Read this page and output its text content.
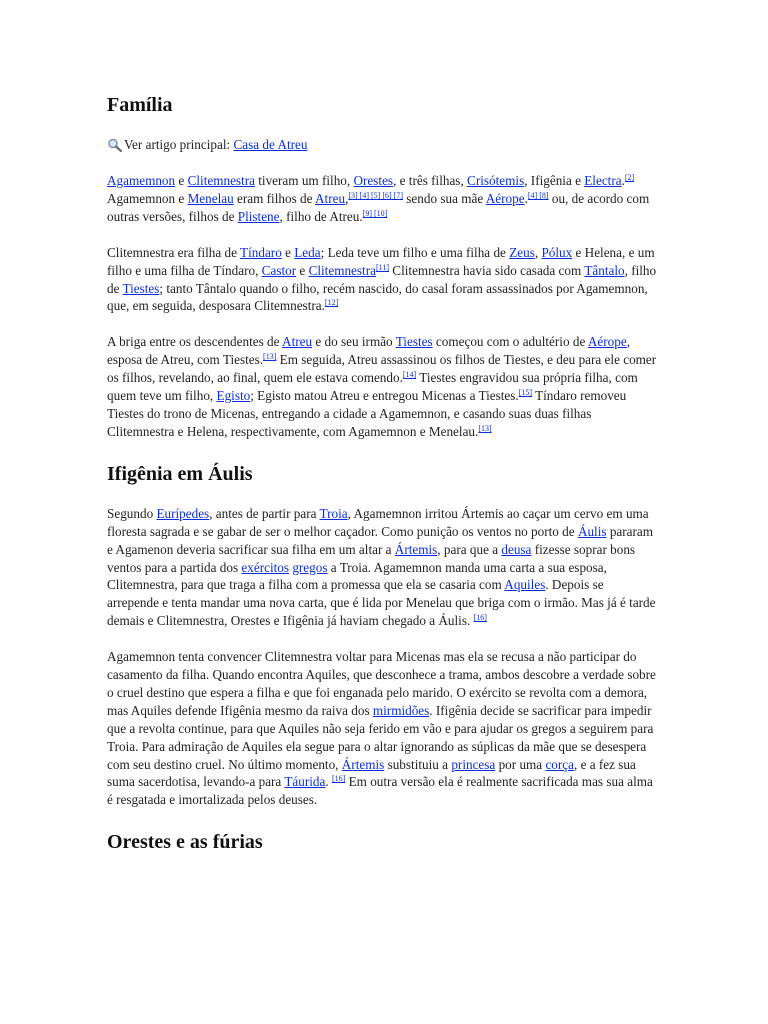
Família
Ver artigo principal:
Casa de Atreu

Agamemnon e Clitemnestra tiveram um filho, Orestes, e três filhas, Crisótemis, Ifigênia e Electra.[2] Agamemnon e Menelau eram filhos de Atreu,[3] [4] [5] [6] [7] sendo sua mãe Aérope.[4] [8] ou, de acordo com outras versões, filhos de Plistene, filho de Atreu.[9] [10]

Clitemnestra era filha de Tíndaro e Leda; Leda teve um filho e uma filha de Zeus, Pólux e Helena, e um filho e uma filha de Tíndaro, Castor e Clitemnestra[11] Clitemnestra havia sido casada com Tântalo, filho de Tiestes; tanto Tântalo quando o filho, recém nascido, do casal foram assassinados por Agamemnon, que, em seguida, desposara Clitemnestra.[12]

A briga entre os descendentes de Atreu e do seu irmão Tiestes começou com o adultério de Aérope, esposa de Atreu, com Tiestes.[13] Em seguida, Atreu assassinou os filhos de Tiestes, e deu para ele comer os filhos, revelando, ao final, quem ele estava comendo.[14] Tiestes engravidou sua própria filha, com quem teve um filho, Egisto; Egisto matou Atreu e entregou Micenas a Tiestes.[15] Tíndaro removeu Tiestes do trono de Micenas, entregando a cidade a Agamemnon, e casando suas duas filhas Clitemnestra e Helena, respectivamente, com Agamemnon e Menelau.[13]

Ifigênia em Áulis

Segundo Eurípedes, antes de partir para Troia, Agamemnon irritou Ártemis ao caçar um cervo em uma floresta sagrada e se gabar de ser o melhor caçador. Como punição os ventos no porto de Áulis pararam e Agamenon deveria sacrificar sua filha em um altar a Ártemis, para que a deusa fizesse soprar bons ventos para a partida dos exércitos gregos a Troia. Agamemnon manda uma carta a sua esposa, Clitemnestra, para que traga a filha com a promessa que ela se casaria com Aquiles. Depois se arrepende e tenta mandar uma nova carta, que é lida por Menelau que briga com o irmão. Mas já é tarde demais e Clitemnestra, Orestes e Ifigênia já haviam chegado a Áulis. [16]

Agamemnon tenta convencer Clitemnestra voltar para Micenas mas ela se recusa a não participar do casamento da filha. Quando encontra Aquiles, que desconhece a trama, ambos descobre a verdade sobre o cruel destino que espera a filha e que foi enganada pelo marido. O exército se revolta com a demora, mas Aquiles defende Ifigênia mesmo da raiva dos mirmidões. Ifigênia decide se sacrificar para impedir que a revolta continue, para que Aquiles não seja ferido em vão e para ajudar os gregos a seguirem para Troia. Para admiração de Aquiles ela segue para o altar ignorando as súplicas da mãe que se desespera com seu destino cruel. No último momento, Ártemis substituiu a princesa por uma corça, e a fez sua suma sacerdotisa, levando-a para Táurida. [16] Em outra versão ela é realmente sacrificada mas sua alma é resgatada e imortalizada pelos deuses.

Orestes e as fúrias
